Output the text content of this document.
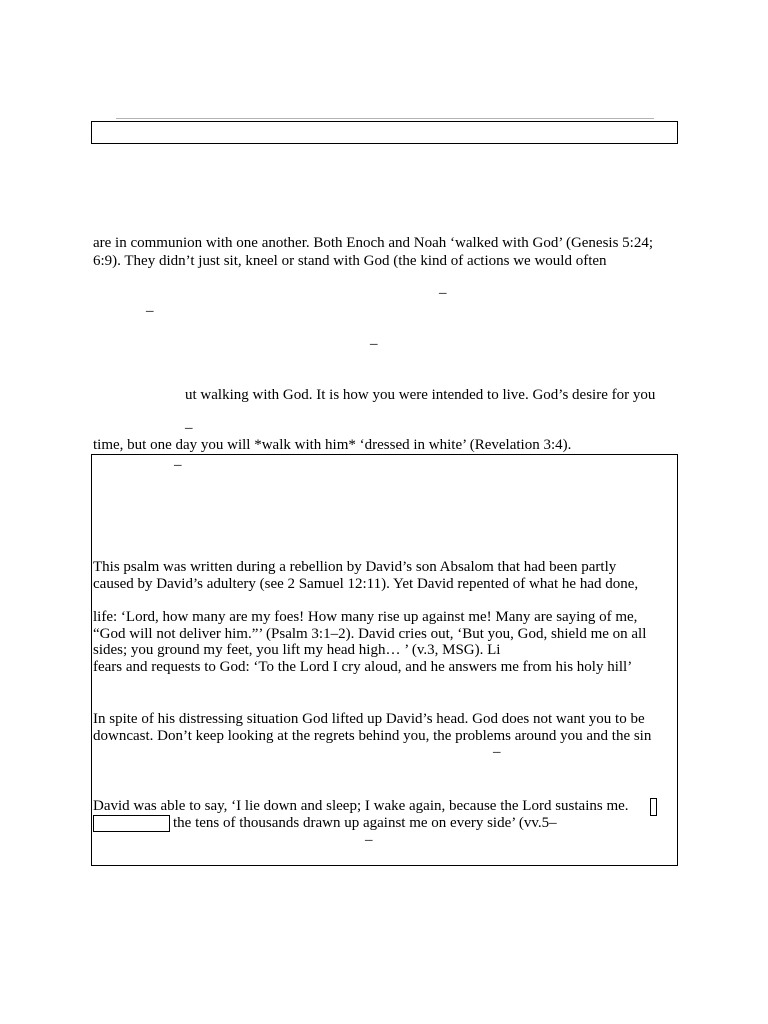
are in communion with one another. Both Enoch and Noah ‘walked with God’ (Genesis 5:24;
6:9). They didn’t just sit, kneel or stand with God (the kind of actions we would often
–
–
–
ut walking with God. It is how you were intended to live. God’s desire for you
–
time, but one day you will *walk with him* ‘dressed in white’ (Revelation 3:4).
–
This psalm was written during a rebellion by David’s son Absalom that had been partly
caused by David’s adultery (see 2 Samuel 12:11). Yet David repented of what he had done,
life: ‘Lord, how many are my foes! How many rise up against me! Many are saying of me,
“God will not deliver him.”’ (Psalm 3:1–2). David cries out, ‘But you, God, shield me on all
sides; you ground my feet, you lift my head high… ’ (v.3, MSG). Li
fears and requests to God: ‘To the Lord I cry aloud, and he answers me from his holy hill’
In spite of his distressing situation God lifted up David’s head. God does not want you to be
downcast. Don’t keep looking at the regrets behind you, the problems around you and the sin
–
David was able to say, ‘I lie down and sleep; I wake again, because the Lord sustains me.
the tens of thousands drawn up against me on every side’ (vv.5–
–
